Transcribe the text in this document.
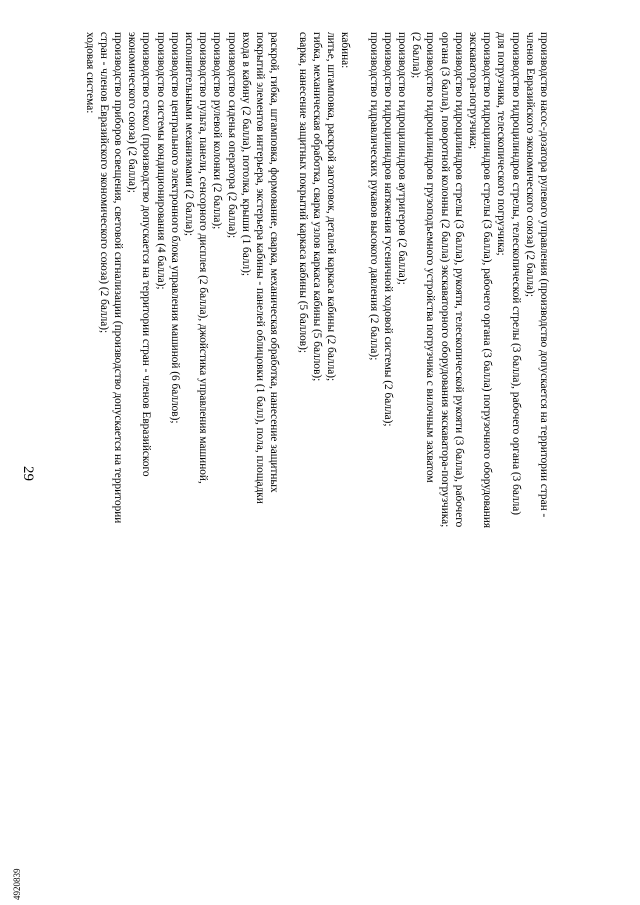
29	производство насос-дозатора рулевого управления (производство допускается на территории стран -

членов Евразийского экономического союза) (2 балла);

производство гидроцилиндров стрелы, телескопической стрелы (3 балла), рабочего органа (3 балла)

для погрузчика, телескопического погрузчика;

производство гидроцилиндров стрелы (3 балла), рабочего органа (3 балла) погрузочного оборудования

экскаватора-погрузчика;

производство гидроцилиндров стрелы (3 балла), рукояти, телескопической рукояти (3 балла), рабочего

органа (3 балла), поворотной колонны (2 балла) экскаваторного оборудования экскаватора-погрузчика;

производство гидроцилиндров грузоподъемного устройства погрузчика с вилочным захватом

(2 балла);

производство гидроцилиндров аутригеров (2 балла);

производство гидроцилиндров натяжения гусеничной ходовой системы (2 балла);

производство гидравлических рукавов высокого давления (2 балла);

кабина:

литье, штамповка, раскрой заготовок, деталей каркаса кабины (2 балла);

гибка, механическая обработка, сварка узлов каркаса кабины (5 баллов);

сварка, нанесение защитных покрытий каркаса кабины (5 баллов);

раскрой, гибка, штамповка, формование, сварка, механическая обработка, нанесение защитных

покрытий элементов интерьера, экстерьера кабины - панелей облицовки (1 балл), пола, площадки

входа в кабину (2 балла), потолка, крыши (1 балл);

производство сиденья оператора (2 балла);

производство рулевой колонки (2 балла);

производство пульта, панели, сенсорного дисплея (2 балла), джойстика управления машиной,

исполнительными механизмами (2 балла);

производство центрального электронного блока управления машиной (6 баллов);

производство системы кондиционирования (4 балла);

производство стекол (производство допускается на территории стран - членов Евразийского

экономического союза) (2 балла);

производство приборов освещения, световой сигнализации (производство допускается на территории

стран - членов Евразийского экономического союза) (2 балла);

ходовая система:

4920839
